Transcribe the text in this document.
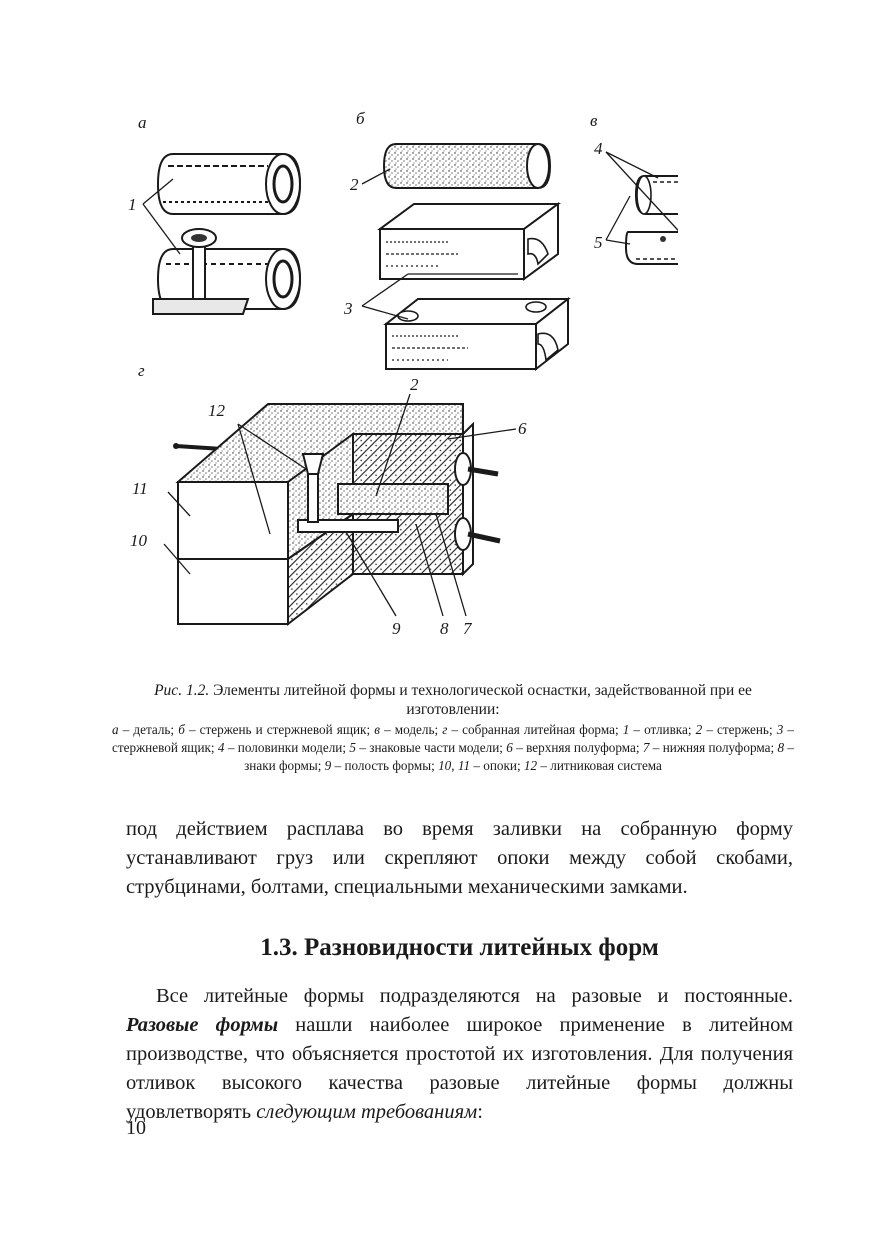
а
1
2
б
3
в
4
5
г
12
2
6
11
10
9 8 7
Рис. 1.2. Элементы литейной формы и технологической оснастки, задействованной при ее изготовлении:
а – деталь; б – стержень и стержневой ящик; в – модель; г – собранная литейная форма; 1 – отливка; 2 – стержень; 3 – стержневой ящик; 4 – половинки модели; 5 – знаковые части модели; 6 – верхняя полуформа; 7 – нижняя полуформа; 8 – знаки формы; 9 – полость формы; 10, 11 – опоки; 12 – литниковая система
под действием расплава во время заливки на собранную форму устанавливают груз или скрепляют опоки между собой скобами, струбцинами, болтами, специальными механическими замками.
1.3. Разновидности литейных форм
Все литейные формы подразделяются на разовые и постоянные. Разовые формы нашли наиболее широкое применение в литейном производстве, что объясняется простотой их изготовления. Для получения отливок высокого качества разовые литейные формы должны удовлетворять следующим требованиям:
10
